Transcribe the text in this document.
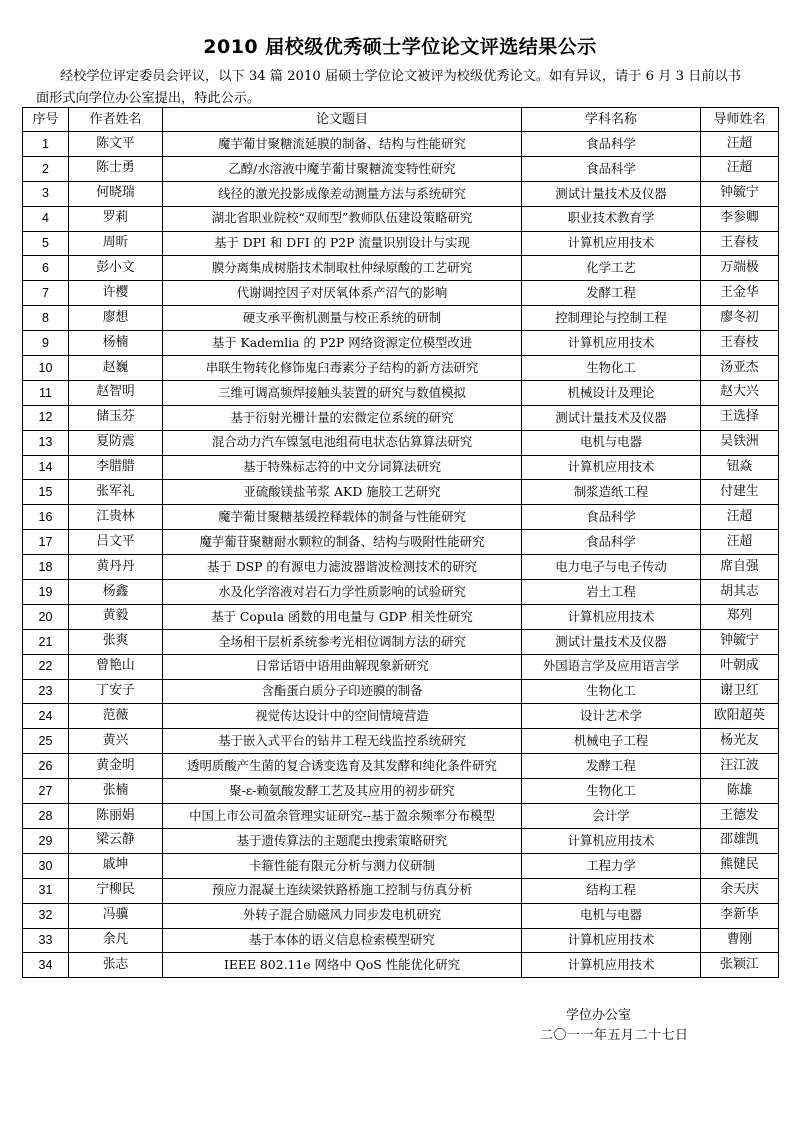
2010 届校级优秀硕士学位论文评选结果公示
经校学位评定委员会评议，以下 34 篇 2010 届硕士学位论文被评为校级优秀论文。如有异议，请于 6 月 3 日前以书
面形式向学位办公室提出，特此公示。
序号	作者姓名	论文题目	学科名称	导师姓名
1	陈文平	魔芋葡甘聚糖流延膜的制备、结构与性能研究	食品科学	汪超
2	陈士勇	乙醇/水溶液中魔芋葡甘聚糖流变特性研究	食品科学	汪超
3	何晓瑞	线径的激光投影成像差动测量方法与系统研究	测试计量技术及仪器	钟毓宁
4	罗莉	湖北省职业院校“双师型”教师队伍建设策略研究	职业技术教育学	李参卿
5	周昕	基于 DPI 和 DFI 的 P2P 流量识别设计与实现	计算机应用技术	王春枝
6	彭小文	膜分离集成树脂技术制取杜仲绿原酸的工艺研究	化学工艺	万端极
7	许樱	代谢调控因子对厌氧体系产沼气的影响	发酵工程	王金华
8	廖想	硬支承平衡机测量与校正系统的研制	控制理论与控制工程	廖冬初
9	杨楠	基于 Kademlia 的 P2P 网络资源定位模型改进	计算机应用技术	王春枝
10	赵巍	串联生物转化修饰鬼臼毒素分子结构的新方法研究	生物化工	汤亚杰
11	赵智明	三维可调高频焊接触头装置的研究与数值模拟	机械设计及理论	赵大兴
12	储玉芬	基于衍射光栅计量的宏微定位系统的研究	测试计量技术及仪器	王选择
13	夏防震	混合动力汽车镍氢电池组荷电状态估算算法研究	电机与电器	吴铁洲
14	李腊腊	基于特殊标志符的中文分词算法研究	计算机应用技术	钮焱
15	张军礼	亚硫酸镁盐苇浆 AKD 施胶工艺研究	制浆造纸工程	付建生
16	江贵林	魔芋葡甘聚糖基缓控释载体的制备与性能研究	食品科学	汪超
17	吕文平	魔芋葡苷聚糖耐水颗粒的制备、结构与吸附性能研究	食品科学	汪超
18	黄丹丹	基于 DSP 的有源电力滤波器谐波检测技术的研究	电力电子与电子传动	席自强
19	杨鑫	水及化学溶液对岩石力学性质影响的试验研究	岩土工程	胡其志
20	黄毅	基于 Copula 函数的用电量与 GDP 相关性研究	计算机应用技术	郑列
21	张爽	全场相干层析系统参考光相位调制方法的研究	测试计量技术及仪器	钟毓宁
22	曾艳山	日常话语中语用曲解现象新研究	外国语言学及应用语言学	叶朝成
23	丁安子	含酯蛋白质分子印迹膜的制备	生物化工	谢卫红
24	范薇	视觉传达设计中的空间情境营造	设计艺术学	欧阳超英
25	黄兴	基于嵌入式平台的钻井工程无线监控系统研究	机械电子工程	杨光友
26	黄金明	透明质酸产生菌的复合诱变选育及其发酵和纯化条件研究	发酵工程	汪江波
27	张楠	聚-ε-赖氨酸发酵工艺及其应用的初步研究	生物化工	陈雄
28	陈丽娟	中国上市公司盈余管理实证研究--基于盈余频率分布模型	会计学	王德发
29	梁云静	基于遗传算法的主题爬虫搜索策略研究	计算机应用技术	邵雄凯
30	戚坤	卡箍性能有限元分析与测力仪研制	工程力学	熊健民
31	宁柳民	预应力混凝土连续梁铁路桥施工控制与仿真分析	结构工程	余天庆
32	冯骥	外转子混合励磁风力同步发电机研究	电机与电器	李新华
33	余凡	基于本体的语义信息检索模型研究	计算机应用技术	曹刚
34	张志	IEEE 802.11e 网络中 QoS 性能优化研究	计算机应用技术	张颖江
学位办公室
二〇一一年五月二十七日
